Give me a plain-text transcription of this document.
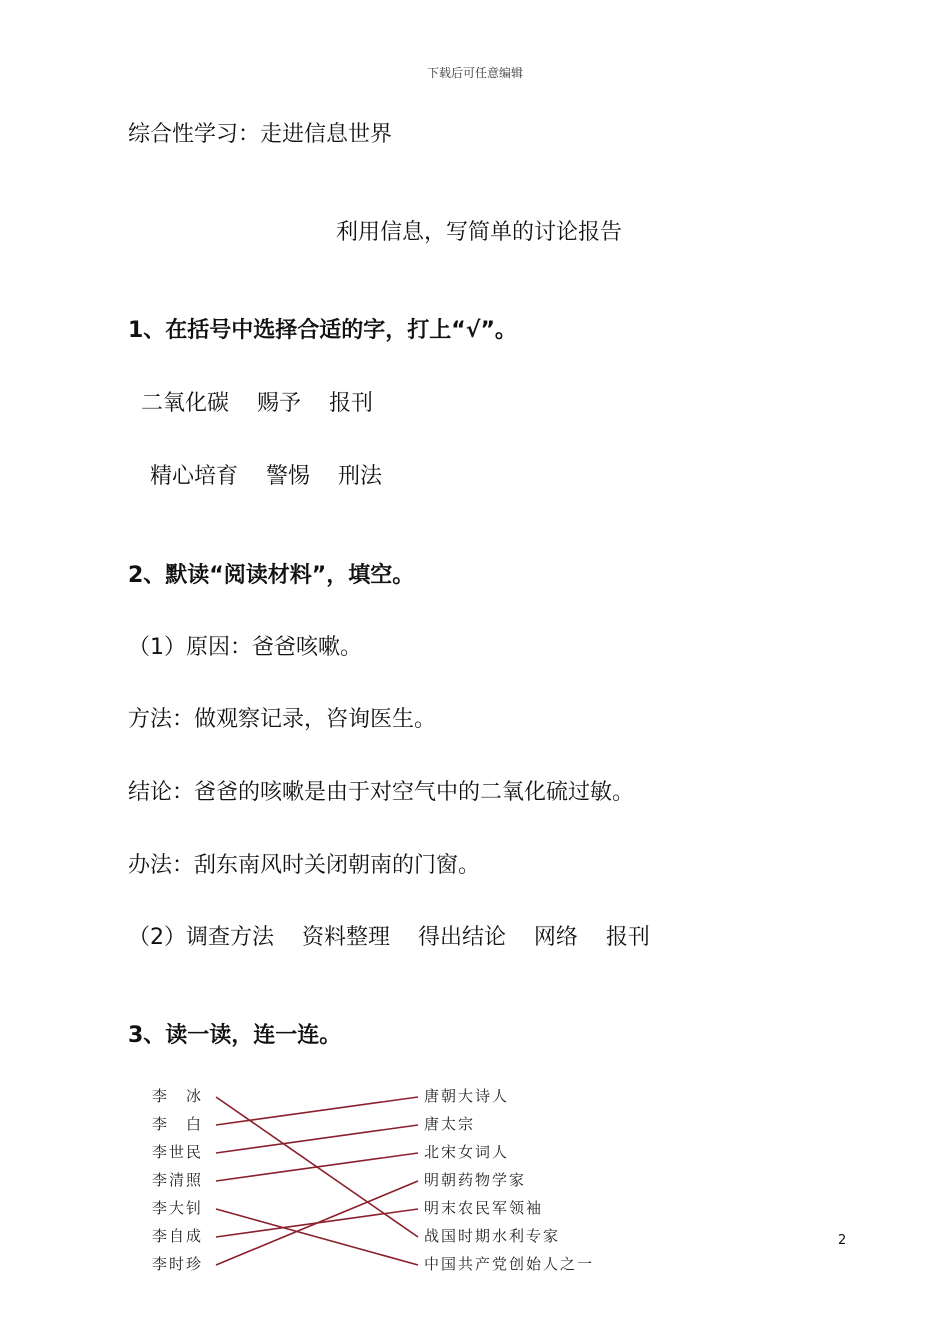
下载后可任意编辑
综合性学习：走进信息世界
利用信息，写简单的讨论报告
1、在括号中选择合适的字，打上“√”。
二氧化碳    赐予    报刊
精心培育    警惕    刑法
2、默读“阅读材料”，填空。
（1）原因：爸爸咳嗽。
方法：做观察记录，咨询医生。
结论：爸爸的咳嗽是由于对空气中的二氧化硫过敏。
办法：刮东南风时关闭朝南的门窗。
（2）调查方法    资料整理    得出结论    网络    报刊
3、读一读，连一连。
李　冰
李　白
李世民
李清照
李大钊
李自成
李时珍
唐朝大诗人
唐太宗
北宋女词人
明朝药物学家
明末农民军领袖
战国时期水利专家
中国共产党创始人之一
2
